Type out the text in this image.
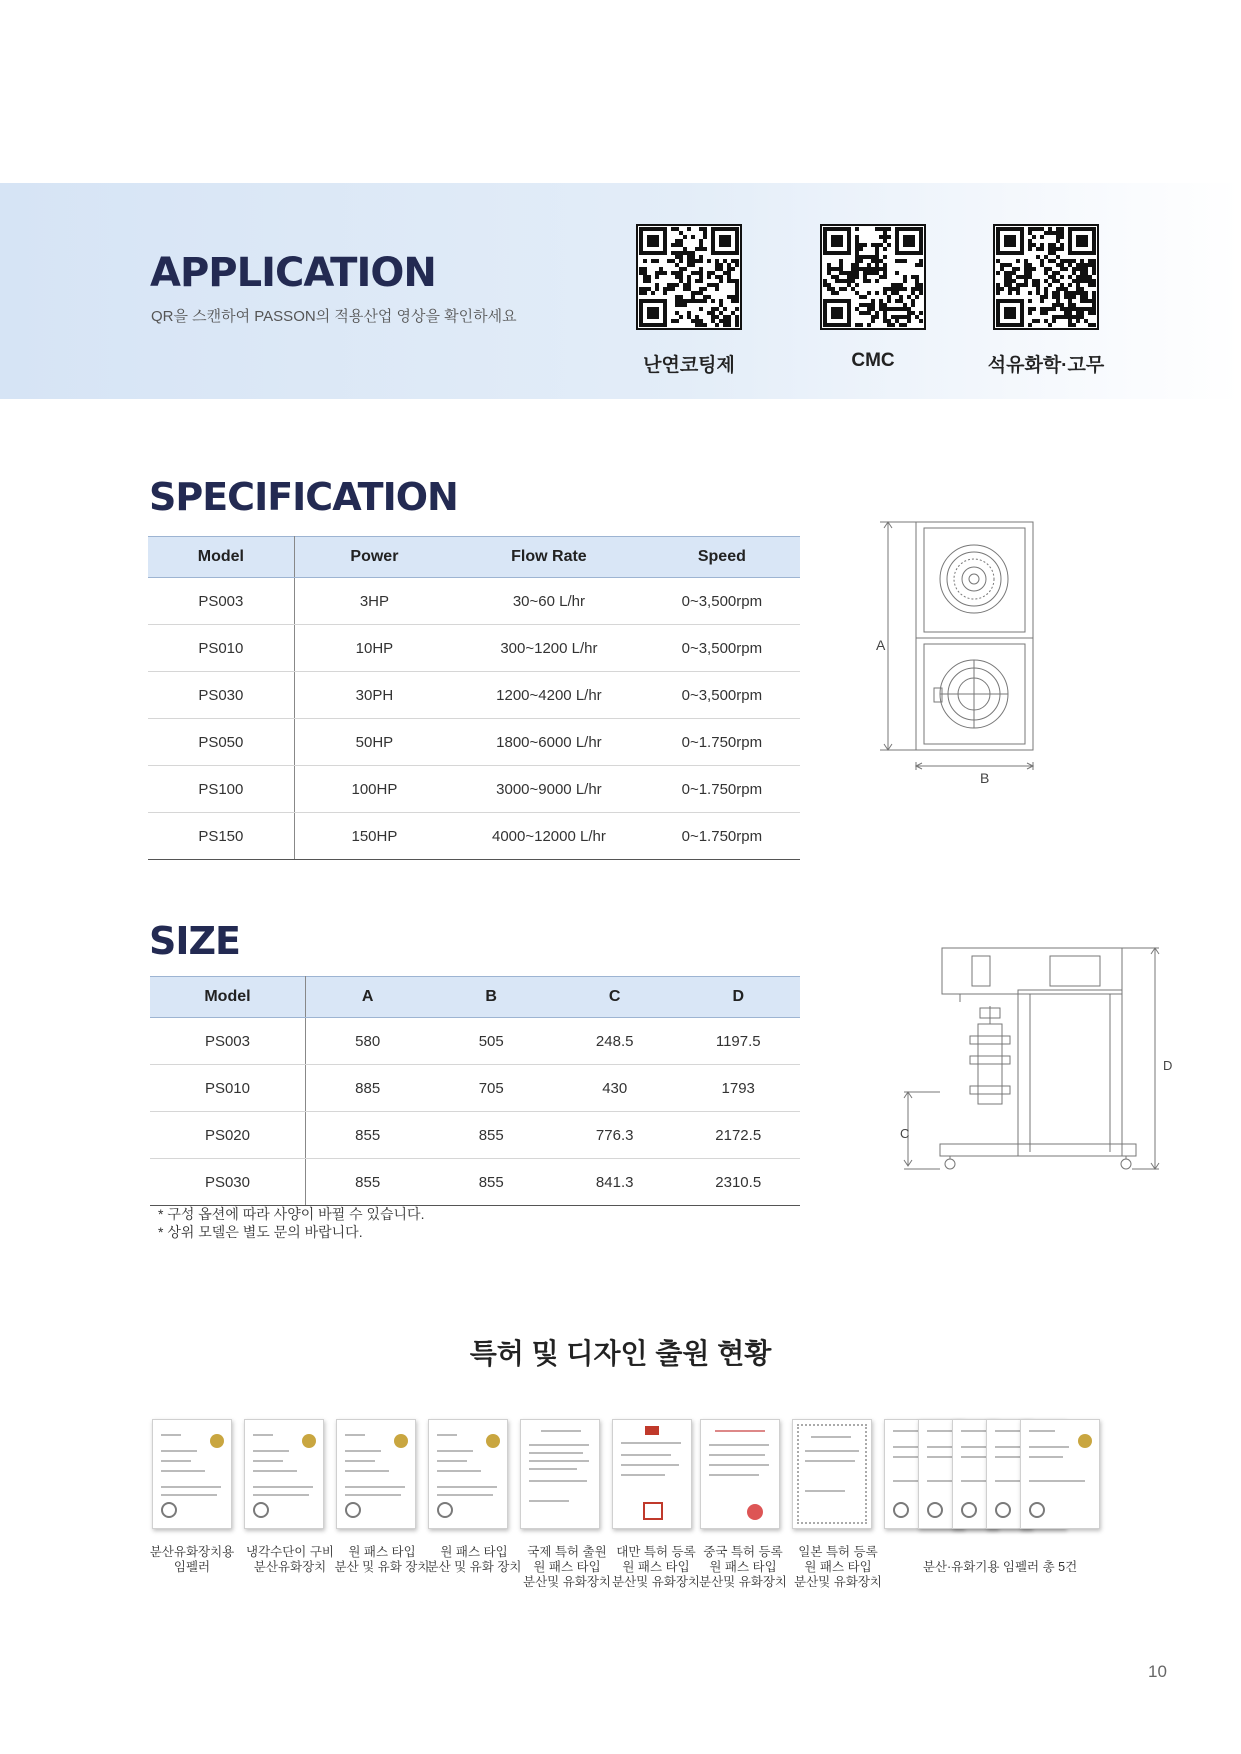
APPLICATION
QR을 스캔하여 PASSON의 적용산업 영상을 확인하세요
난연코팅제	CMC	석유화학·고무
SPECIFICATION
Model	Power	Flow Rate	Speed
PS003	3HP	30~60 L/hr	0~3,500rpm
PS010	10HP	300~1200 L/hr	0~3,500rpm
PS030	30PH	1200~4200 L/hr	0~3,500rpm
PS050	50HP	1800~6000 L/hr	0~1.750rpm
PS100	100HP	3000~9000 L/hr	0~1.750rpm
PS150	150HP	4000~12000 L/hr	0~1.750rpm
A
B
SIZE
Model	A	B	C	D
PS003	580	505	248.5	1197.5
PS010	885	705	430	1793
PS020	855	855	776.3	2172.5
PS030	855	855	841.3	2310.5
* 구성 옵션에 따라 사양이 바뀔 수 있습니다.
* 상위 모델은 별도 문의 바랍니다.
C
D
특허 및 디자인 출원 현황
분산유화장치용
임펠러
냉각수단이 구비
분산유화장치
원 패스 타입
분산 및 유화 장치
원 패스 타입
분산 및 유화 장치
국제 특허 출원
원 패스 타입
분산및 유화장치
대만 특허 등록
원 패스 타입
분산및 유화장치
중국 특허 등록
원 패스 타입
분산및 유화장치
일본 특허 등록
원 패스 타입
분산및 유화장치
분산·유화기용 임펠러 총 5건
10
